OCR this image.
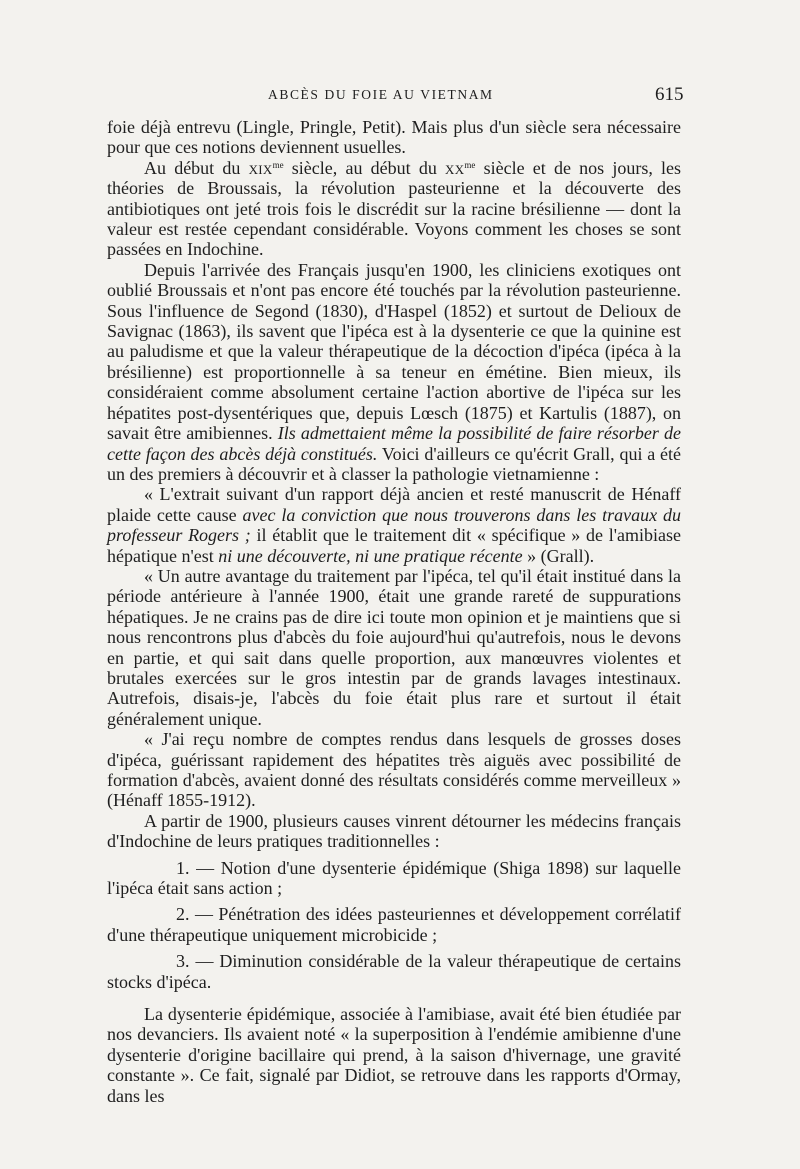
ABCÈS DU FOIE AU VIETNAM	615

foie déjà entrevu (Lingle, Pringle, Petit). Mais plus d'un siècle sera nécessaire pour que ces notions deviennent usuelles.

Au début du xix$^{me}$ siècle, au début du $xx^{me}$ siècle et de nos jours, les théories de Broussais, la révolution pasteurienne et la découverte des antibiotiques ont jeté trois fois le discrédit sur la racine brésilienne — dont la valeur est restée cependant considérable. Voyons comment les choses se sont passées en Indochine.

Depuis l'arrivée des Français jusqu'en 1900, les cliniciens exotiques ont oublié Broussais et n'ont pas encore été touchés par la révolution pasteurienne. Sous l'influence de Segond (1830), d'Haspel (1852) et surtout de Delioux de Savignac (1863), ils savent que l'ipéca est à la dysenterie ce que la quinine est au paludisme et que la valeur thérapeutique de la décoction d'ipéca (ipéca à la brésilienne) est proportionnelle à sa teneur en émétine. Bien mieux, ils considéraient comme absolument certaine l'action abortive de l'ipéca sur les hépatites post-dysentériques que, depuis Lœsch (1875) et Kartulis (1887), on savait être amibiennes. Ils admettaient même la possibilité de faire résorber de cette façon des abcès déjà constitués. Voici d'ailleurs ce qu'écrit Grall, qui a été un des premiers à découvrir et à classer la pathologie vietnamienne :

« L'extrait suivant d'un rapport déjà ancien et resté manuscrit de Hénaff plaide cette cause avec la conviction que nous trouverons dans les travaux du professeur Rogers ; il établit que le traitement dit « spécifique » de l'amibiase hépatique n'est ni une découverte, ni une pratique récente » (Grall).

« Un autre avantage du traitement par l'ipéca, tel qu'il était institué dans la période antérieure à l'année 1900, était une grande rareté de suppurations hépatiques. Je ne crains pas de dire ici toute mon opinion et je maintiens que si nous rencontrons plus d'abcès du foie aujourd'hui qu'autrefois, nous le devons en partie, et qui sait dans quelle proportion, aux manœuvres violentes et brutales exercées sur le gros intestin par de grands lavages intestinaux. Autrefois, disais-je, l'abcès du foie était plus rare et surtout il était généralement unique.

« J'ai reçu nombre de comptes rendus dans lesquels de grosses doses d'ipéca, guérissant rapidement des hépatites très aiguës avec possibilité de formation d'abcès, avaient donné des résultats considérés comme merveilleux » (Hénaff 1855-1912).

A partir de 1900, plusieurs causes vinrent détourner les médecins français d'Indochine de leurs pratiques traditionnelles :

1. — Notion d'une dysenterie épidémique (Shiga 1898) sur laquelle l'ipéca était sans action ;

2. — Pénétration des idées pasteuriennes et développement corrélatif d'une thérapeutique uniquement microbicide ;

3. — Diminution considérable de la valeur thérapeutique de certains stocks d'ipéca.

La dysenterie épidémique, associée à l'amibiase, avait été bien étudiée par nos devanciers. Ils avaient noté « la superposition à l'endémie amibienne d'une dysenterie d'origine bacillaire qui prend, à la saison d'hivernage, une gravité constante ». Ce fait, signalé par Didiot, se retrouve dans les rapports d'Ormay, dans les
